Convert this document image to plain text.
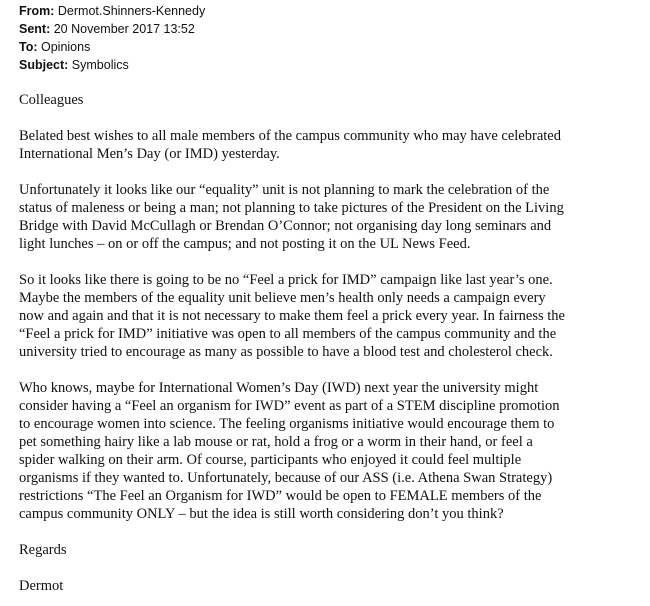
From: Dermot.Shinners-Kennedy
Sent: 20 November 2017 13:52
To: Opinions
Subject: Symbolics
Colleagues
Belated best wishes to all male members of the campus community who may have celebrated
International Men’s Day (or IMD) yesterday.
Unfortunately it looks like our “equality” unit is not planning to mark the celebration of the
status of maleness or being a man; not planning to take pictures of the President on the Living
Bridge with David McCullagh or Brendan O’Connor; not organising day long seminars and
light lunches – on or off the campus; and not posting it on the UL News Feed.
So it looks like there is going to be no “Feel a prick for IMD” campaign like last year’s one.
Maybe the members of the equality unit believe men’s health only needs a campaign every
now and again and that it is not necessary to make them feel a prick every year. In fairness the
“Feel a prick for IMD” initiative was open to all members of the campus community and the
university tried to encourage as many as possible to have a blood test and cholesterol check.
Who knows, maybe for International Women’s Day (IWD) next year the university might
consider having a “Feel an organism for IWD” event as part of a STEM discipline promotion
to encourage women into science. The feeling organisms initiative would encourage them to
pet something hairy like a lab mouse or rat, hold a frog or a worm in their hand, or feel a
spider walking on their arm. Of course, participants who enjoyed it could feel multiple
organisms if they wanted to. Unfortunately, because of our ASS (i.e. Athena Swan Strategy)
restrictions “The Feel an Organism for IWD” would be open to FEMALE members of the
campus community ONLY – but the idea is still worth considering don’t you think?
Regards
Dermot
